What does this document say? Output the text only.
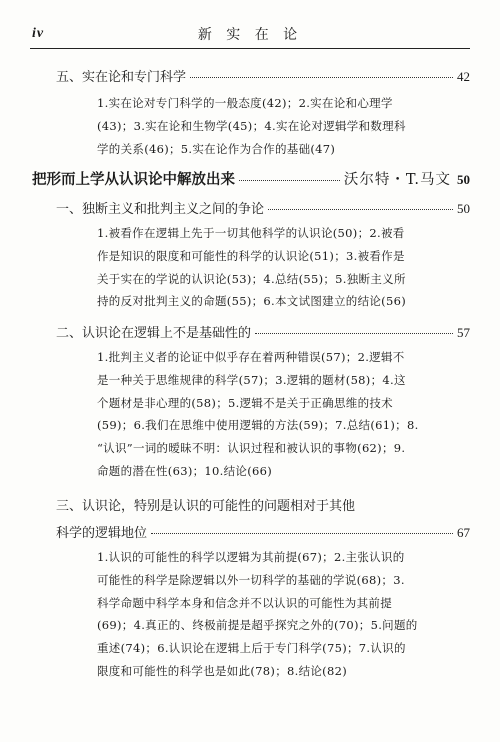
iv	新 实 在 论
五、实在论和专门科学	42
1.实在论对专门科学的一般态度(42)；2.实在论和心理学
(43)；3.实在论和生物学(45)；4.实在论对逻辑学和数理科
学的关系(46)；5.实在论作为合作的基础(47)
把形而上学从认识论中解放出来	沃尔特・T.马文 50
一、独断主义和批判主义之间的争论	50
1.被看作在逻辑上先于一切其他科学的认识论(50)；2.被看
作是知识的限度和可能性的科学的认识论(51)；3.被看作是
关于实在的学说的认识论(53)；4.总结(55)；5.独断主义所
持的反对批判主义的命题(55)；6.本文试图建立的结论(56)
二、认识论在逻辑上不是基础性的	57
1.批判主义者的论证中似乎存在着两种错误(57)；2.逻辑不
是一种关于思维规律的科学(57)；3.逻辑的题材(58)；4.这
个题材是非心理的(58)；5.逻辑不是关于正确思维的技术
(59)；6.我们在思维中使用逻辑的方法(59)；7.总结(61)；8.
“认识”一词的暧昧不明：认识过程和被认识的事物(62)；9.
命题的潜在性(63)；10.结论(66)
三、认识论，特别是认识的可能性的问题相对于其他
科学的逻辑地位	67
1.认识的可能性的科学以逻辑为其前提(67)；2.主张认识的
可能性的科学是除逻辑以外一切科学的基础的学说(68)；3.
科学命题中科学本身和信念并不以认识的可能性为其前提
(69)；4.真正的、终极前提是超乎探究之外的(70)；5.问题的
重述(74)；6.认识论在逻辑上后于专门科学(75)；7.认识的
限度和可能性的科学也是如此(78)；8.结论(82)
